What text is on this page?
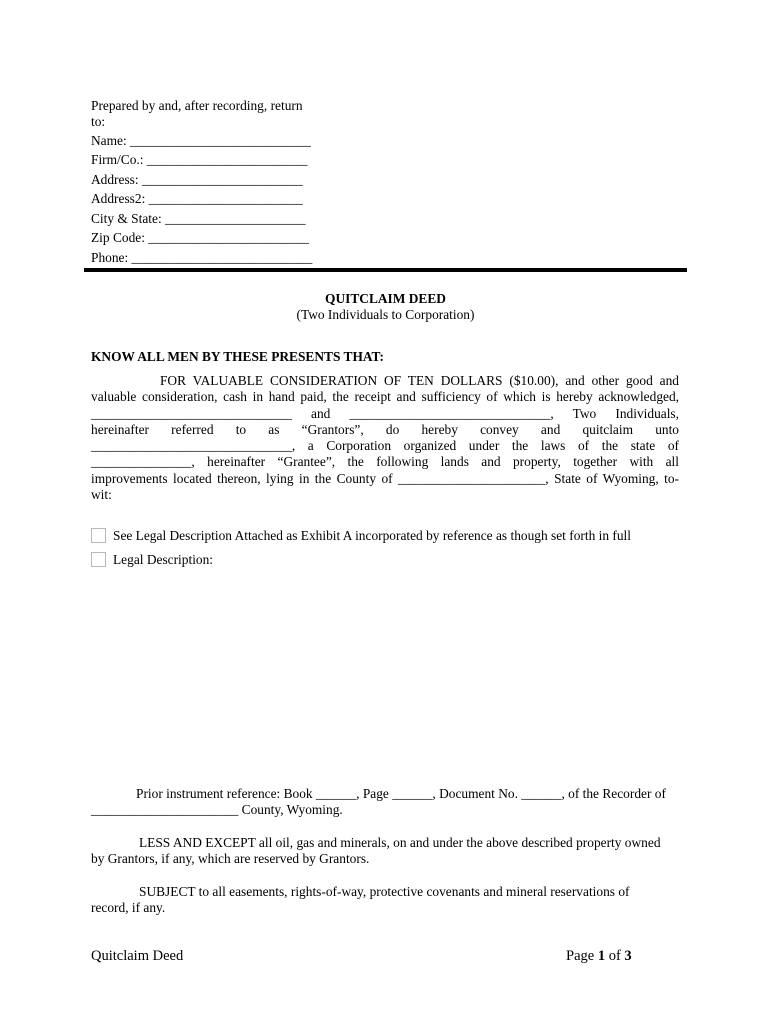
Prepared by and, after recording, return
to:
Name: ___________________________
Firm/Co.: ________________________
Address: ________________________
Address2: _______________________
City & State: _____________________
Zip Code: ________________________
Phone: ___________________________
QUITCLAIM DEED
(Two Individuals to Corporation)
KNOW ALL MEN BY THESE PRESENTS THAT:
FOR VALUABLE CONSIDERATION OF TEN DOLLARS ($10.00), and other good and
valuable consideration, cash in hand paid, the receipt and sufficiency of which is hereby acknowledged,
______________________________ and ______________________________, Two Individuals,
hereinafter referred to as “Grantors”, do hereby convey and quitclaim unto
______________________________, a Corporation organized under the laws of the state of
_______________, hereinafter “Grantee”, the following lands and property, together with all
improvements located thereon, lying in the County of ______________________, State of Wyoming, to-
wit:
See Legal Description Attached as Exhibit A incorporated by reference as though set forth in full
Legal Description:
Prior instrument reference: Book ______, Page ______, Document No. ______, of the Recorder of
______________________ County, Wyoming.
LESS AND EXCEPT all oil, gas and minerals, on and under the above described property owned
by Grantors, if any, which are reserved by Grantors.
SUBJECT to all easements, rights-of-way, protective covenants and mineral reservations of
record, if any.
Quitclaim Deed	Page 1 of 3
